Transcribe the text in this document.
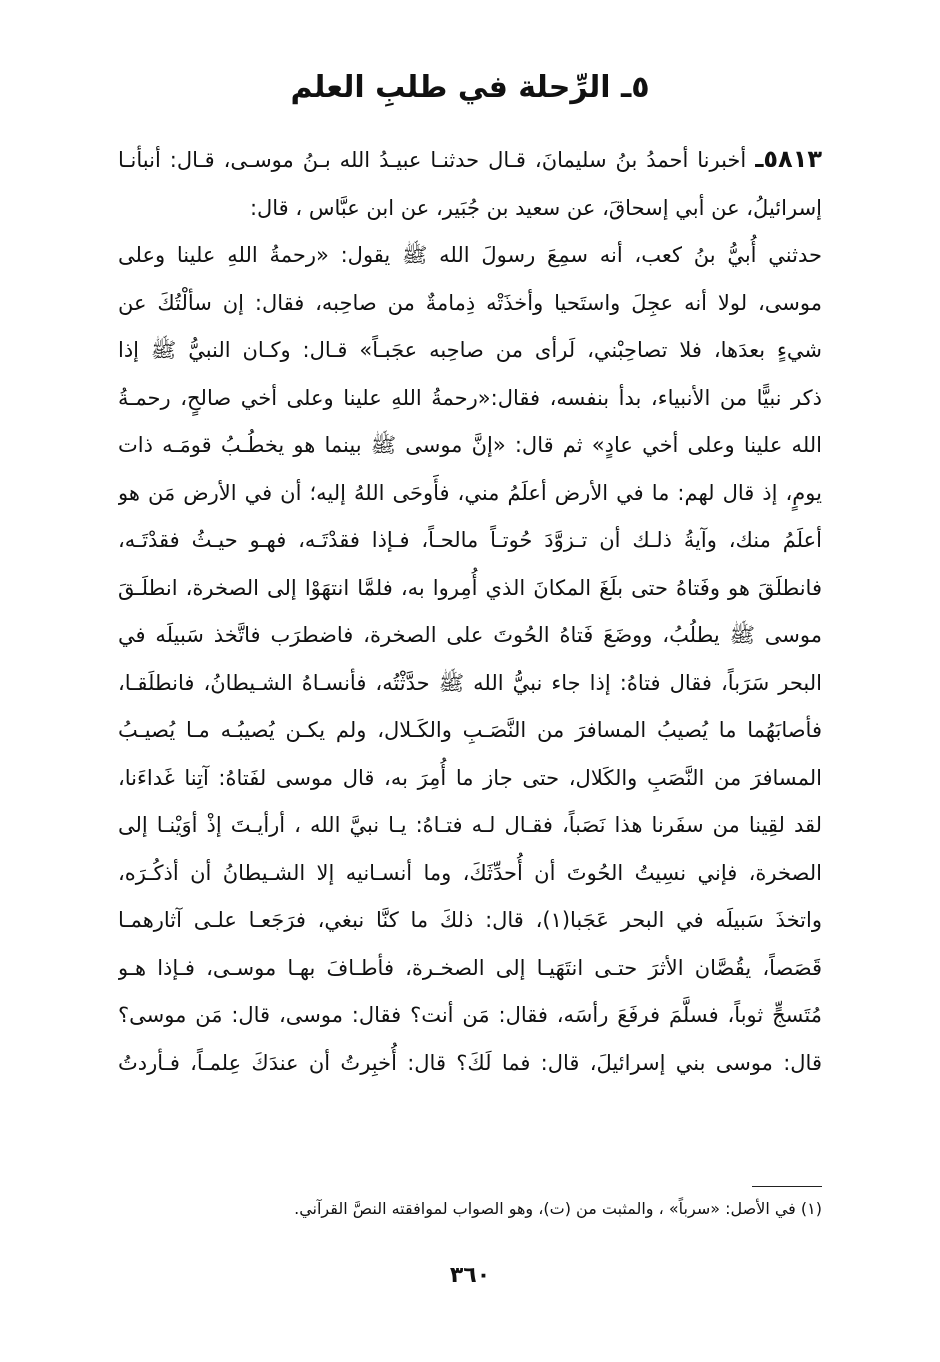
٥ـ الرِّحلة في طلبِ العلم
٥٨١٣ـ أخبرنا أحمدُ بنُ سليمانَ، قـال حدثنـا عبيـدُ الله بـنُ موسـى، قـال: أنبأنـا
إسرائيلُ، عن أبي إسحاقَ، عن سعيد بن جُبَير، عن ابن عبَّاس ، قال:
حدثني أُبيُّ بنُ كعب، أنه سمِعَ رسولَ الله ﷺ يقول: «رحمةُ اللهِ علينا وعلى
موسى، لولا أنه عجِلَ واستَحيا وأخذَتْه ذِمامةٌ من صاحِبه، فقال: إن سألْتُكَ عن
شيءٍ بعدَها، فلا تصاحِبْني، لَرأى من صاحِبه عجَبـاً» قـال: وكـان النبيُّ ﷺ إذا
ذكر نبيًّا من الأنبياء، بدأ بنفسه، فقال:«رحمةُ اللهِ علينا وعلى أخي صالحٍ، رحمـةُ
الله علينا وعلى أخي عادٍ» ثم قال: «إنَّ موسى ﷺ بينما هو يخطُـبُ قومَـه ذات
يومٍ، إذ قال لهم: ما في الأرض أعلَمُ مني، فأَوحَى اللهُ إليه؛ أن في الأرض مَن هو
أعلَمُ منك، وآيةُ ذلـك أن تـزوَّدَ حُوتـاً مالحـاً، فـإذا فقدْتَـه، فهـو حيـثُ فقدْتَـه،
فانطلَقَ هو وفَتاهُ حتى بلَغَ المكانَ الذي أُمِروا به، فلمَّا انتهَوْا إلى الصخرة، انطلَـقَ
موسى ﷺ يطلُبُ، ووضَعَ فَتاهُ الحُوتَ على الصخرة، فاضطرَب فاتَّخذ سَبيلَه في
البحر سَرَباً، فقال فتاهُ: إذا جاء نبيُّ الله ﷺ حدَّثْتُه، فأنسـاهُ الشـيطانُ، فانطلَقـا،
فأصابَهُما ما يُصيبُ المسافرَ من النَّصَـبِ والكَـلال، ولم يكـن يُصيبُـه مـا يُصيـبُ
المسافرَ من النَّصَبِ والكَلال، حتى جاز ما أُمِرَ به، قال موسى لفَتاهُ: آتِنا غَداءَنا،
لقد لقِينا من سفَرنا هذا نَصَباً، فقـال لـه فتـاهُ: يـا نبيَّ الله ، أرأيـتَ إذْ أوَيْنـا إلى
الصخرة، فإني نسِيتُ الحُوتَ أن أُحدِّثَكَ، وما أنسـانيه إلا الشـيطانُ أن أذكُـرَه،
واتخذَ سَبيلَه في البحر عَجَبا(١)، قال: ذلكَ ما كنَّا نبغي، فرَجَعـا علـى آثارهمـا
قَصَصاً، يقُصَّان الأثرَ حتـى انتَهَيـا إلى الصخـرة، فأطـافَ بهـا موسـى، فـإذا هـو
مُتَسجٍّ ثوباً، فسلَّمَ فرفَعَ رأسَه، فقال: مَن أنت؟ فقال: موسى، قال: مَن موسى؟
قال: موسى بني إسرائيلَ، قال: فما لَكَ؟ قال: أُخبِرتُ أن عندَكَ عِلمـاً، فـأردتُ
(١) في الأصل: «سرباً» ، والمثبت من (ت)، وهو الصواب لموافقته النصَّ القرآني.
٣٦٠
